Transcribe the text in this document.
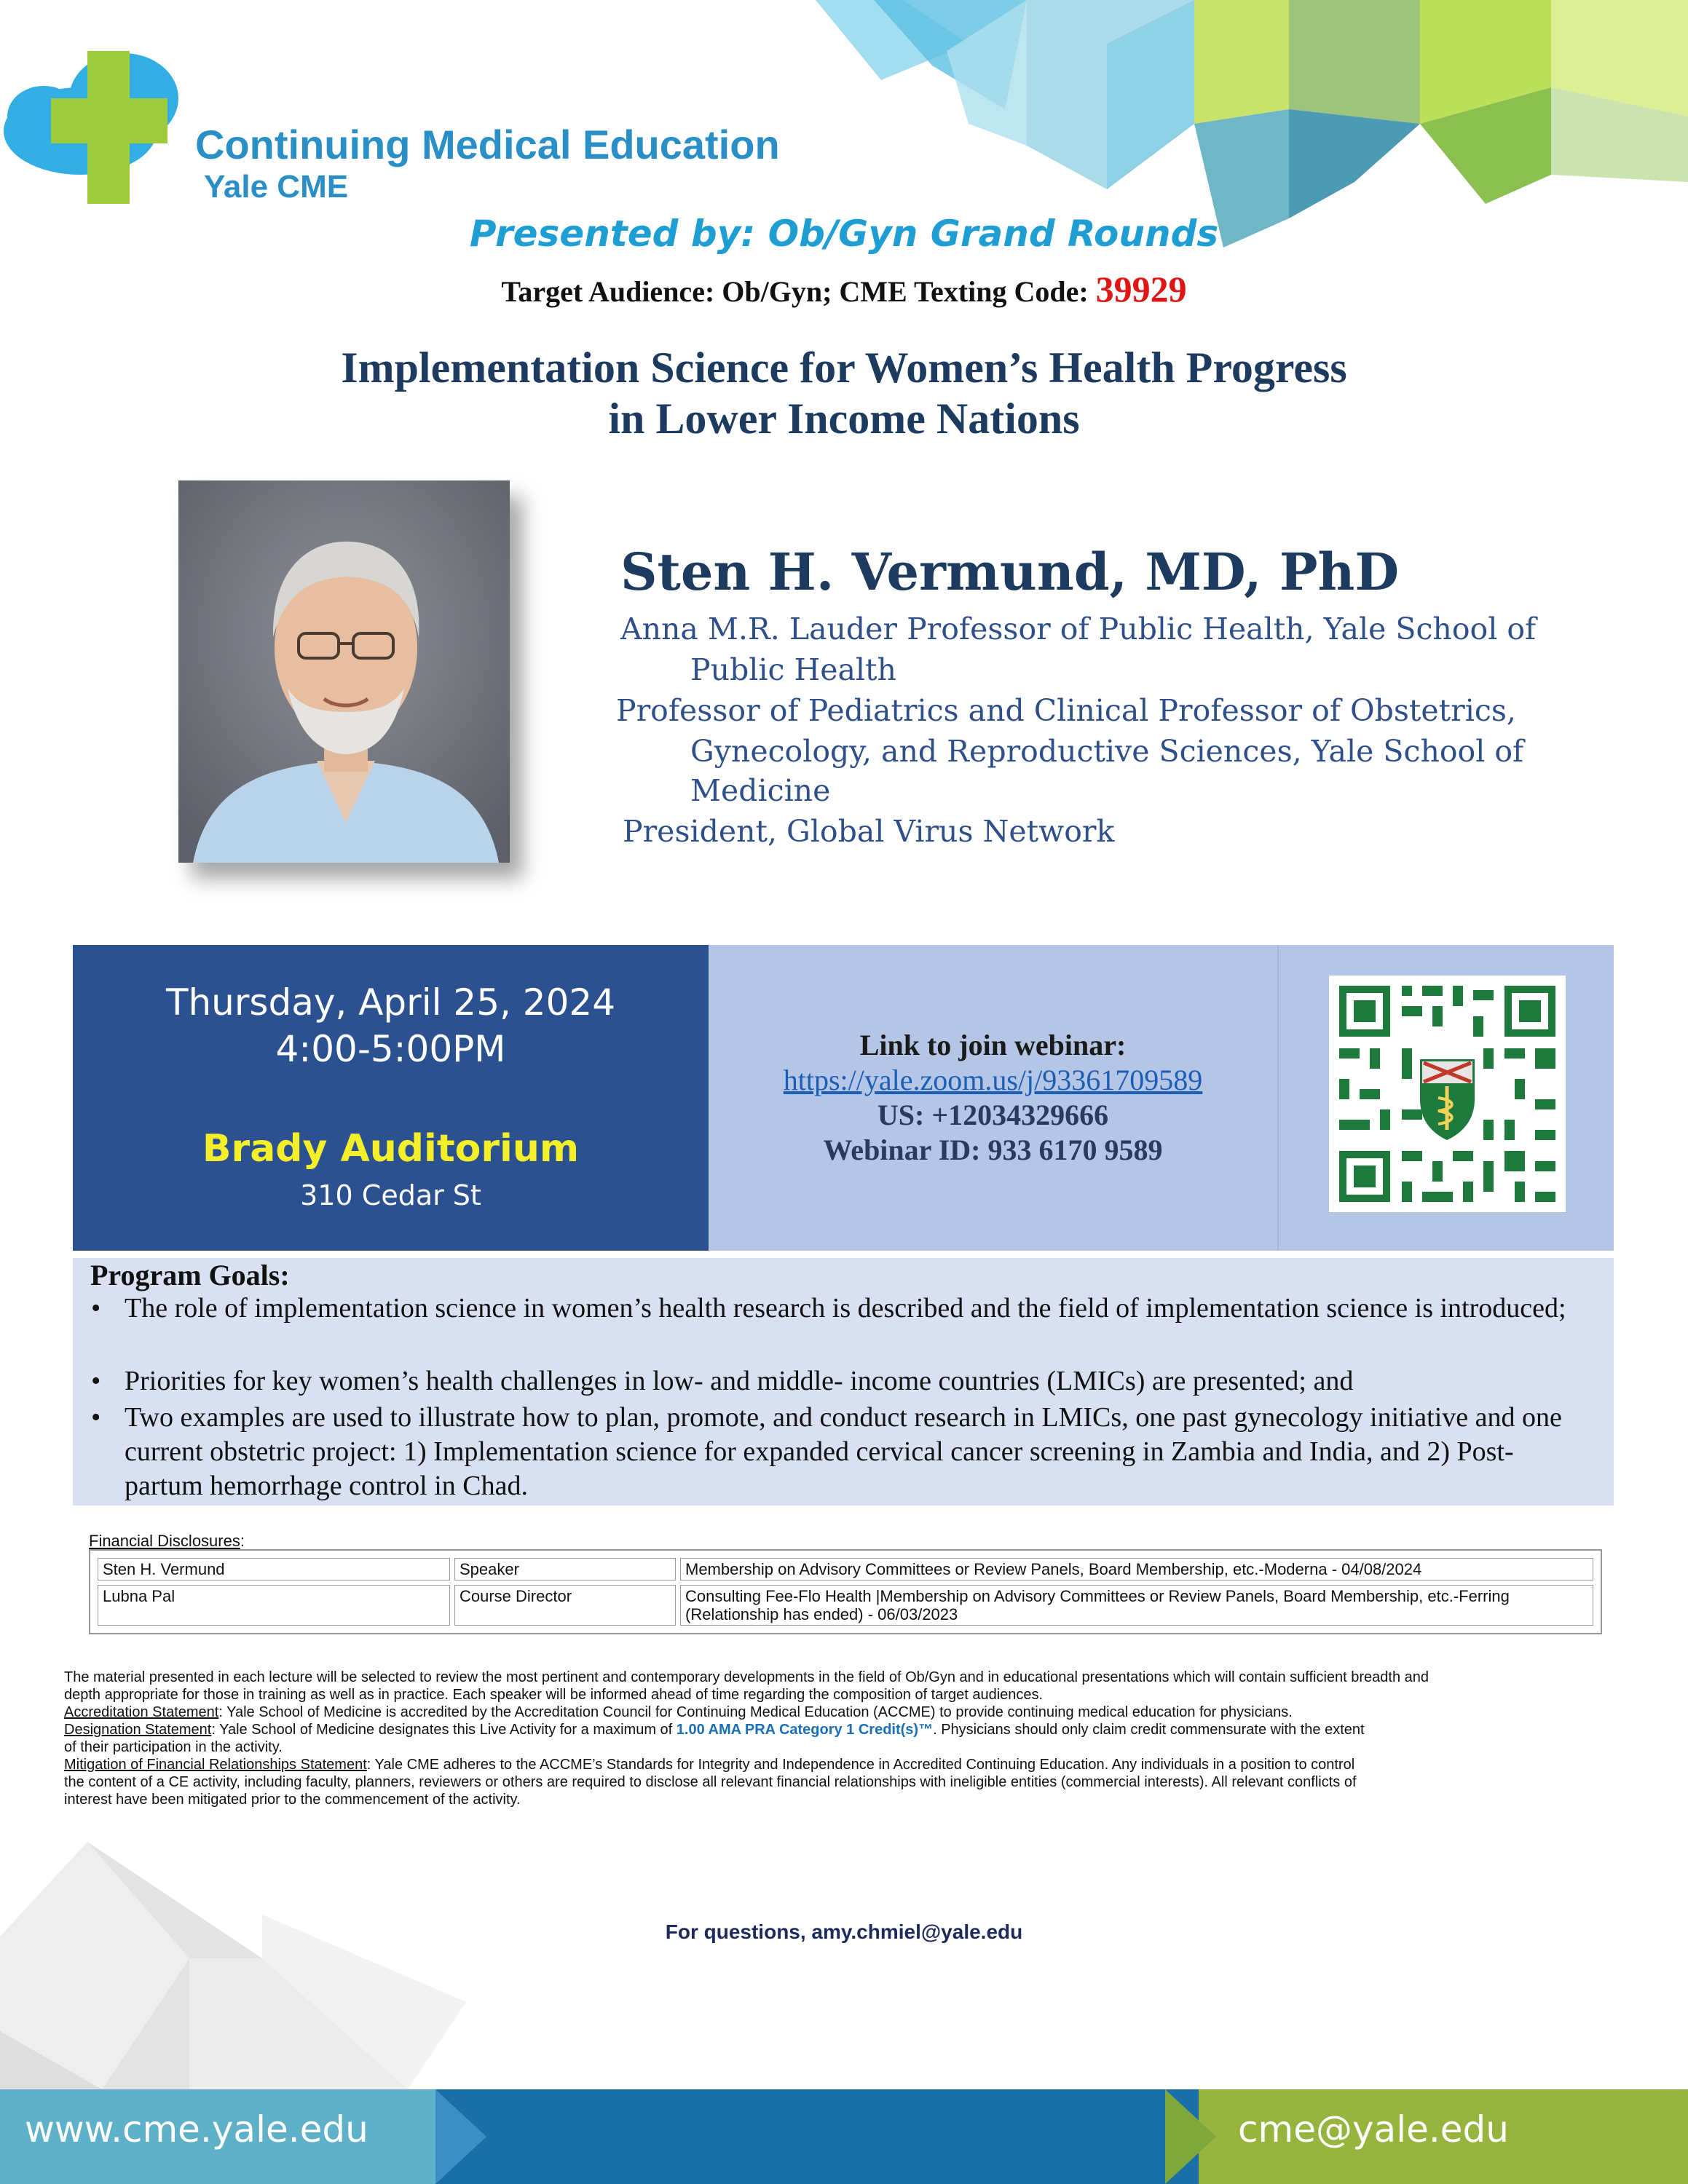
Continuing Medical Education
Yale CME
Presented by: Ob/Gyn Grand Rounds
Target Audience: Ob/Gyn; CME Texting Code: 39929
Implementation Science for Women’s Health Progress
in Lower Income Nations
Sten H. Vermund, MD, PhD
Anna M.R. Lauder Professor of Public Health, Yale School of
Public Health
Professor of Pediatrics and Clinical Professor of Obstetrics,
Gynecology, and Reproductive Sciences, Yale School of
Medicine
President, Global Virus Network
Thursday, April 25, 2024
4:00-5:00PM
Brady Auditorium
310 Cedar St
Link to join webinar:
https://yale.zoom.us/j/93361709589
US: +12034329666
Webinar ID: 933 6170 9589
Program Goals:
• The role of implementation science in women’s health research is described and the field of implementation science is introduced;
• Priorities for key women’s health challenges in low- and middle- income countries (LMICs) are presented; and
• Two examples are used to illustrate how to plan, promote, and conduct research in LMICs, one past gynecology initiative and one current obstetric project: 1) Implementation science for expanded cervical cancer screening in Zambia and India, and 2) Post-partum hemorrhage control in Chad.
Financial Disclosures:
Sten H. Vermund	Speaker	Membership on Advisory Committees or Review Panels, Board Membership, etc.-Moderna - 04/08/2024
Lubna Pal	Course Director	Consulting Fee-Flo Health |Membership on Advisory Committees or Review Panels, Board Membership, etc.-Ferring (Relationship has ended) - 06/03/2023
The material presented in each lecture will be selected to review the most pertinent and contemporary developments in the field of Ob/Gyn and in educational presentations which will contain sufficient breadth and
depth appropriate for those in training as well as in practice. Each speaker will be informed ahead of time regarding the composition of target audiences.
Accreditation Statement: Yale School of Medicine is accredited by the Accreditation Council for Continuing Medical Education (ACCME) to provide continuing medical education for physicians.
Designation Statement: Yale School of Medicine designates this Live Activity for a maximum of 1.00 AMA PRA Category 1 Credit(s)™. Physicians should only claim credit commensurate with the extent
of their participation in the activity.
Mitigation of Financial Relationships Statement: Yale CME adheres to the ACCME’s Standards for Integrity and Independence in Accredited Continuing Education. Any individuals in a position to control
the content of a CE activity, including faculty, planners, reviewers or others are required to disclose all relevant financial relationships with ineligible entities (commercial interests). All relevant conflicts of
interest have been mitigated prior to the commencement of the activity.
For questions, amy.chmiel@yale.edu
www.cme.yale.edu	cme@yale.edu
